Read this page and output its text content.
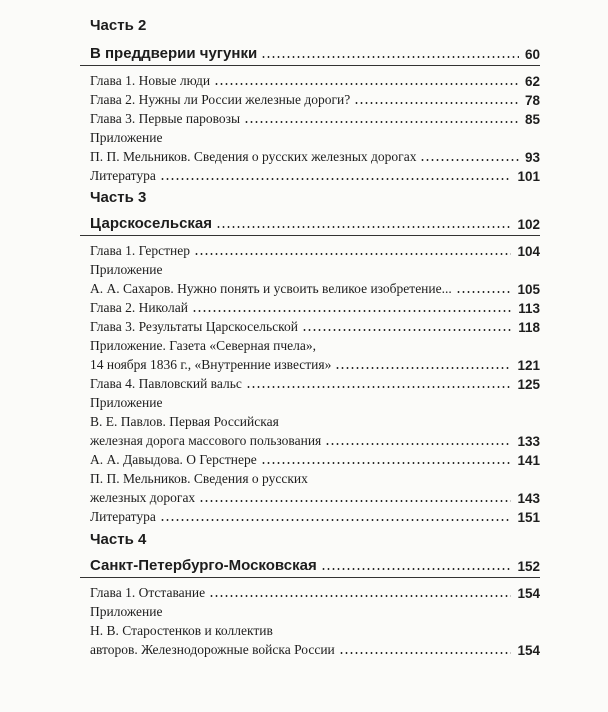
Часть 2
В преддверии чугунки	60
Глава 1. Новые люди	62
Глава 2. Нужны ли России железные дороги?	78
Глава 3. Первые паровозы	85
Приложение
П. П. Мельников. Сведения о русских железных дорогах	93
Литература	101
Часть 3
Царскосельская	102
Глава 1. Герстнер	104
Приложение
А. А. Сахаров. Нужно понять и усвоить великое изобретение...	105
Глава 2. Николай	113
Глава 3. Результаты Царскосельской	118
Приложение. Газета «Северная пчела»,
14 ноября 1836 г., «Внутренние известия»	121
Глава 4. Павловский вальс	125
Приложение
В. Е. Павлов. Первая Российская
железная дорога массового пользования	133
А. А. Давыдова. О Герстнере	141
П. П. Мельников. Сведения о русских
железных дорогах	143
Литература	151
Часть 4
Санкт-Петербурго-Московская	152
Глава 1. Отставание	154
Приложение
Н. В. Старостенков и коллектив
авторов. Железнодорожные войска России	154
